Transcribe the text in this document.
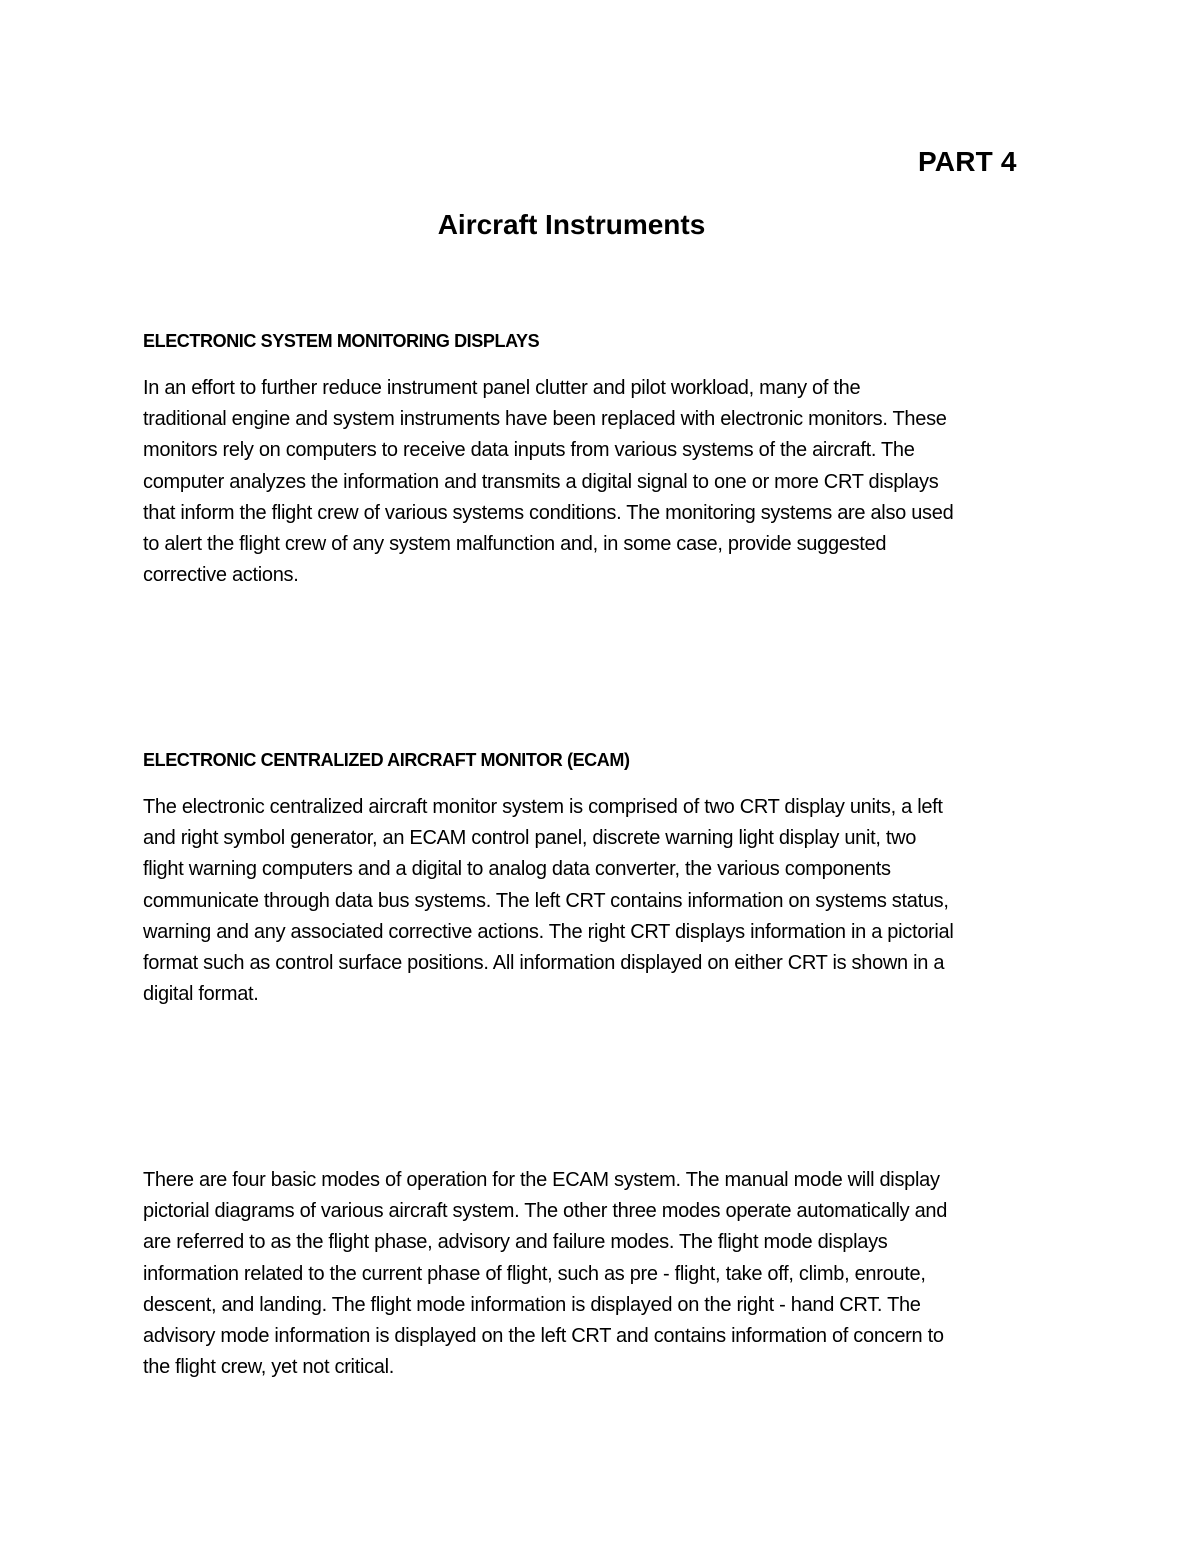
PART 4
Aircraft Instruments
ELECTRONIC SYSTEM MONITORING DISPLAYS
In an effort to further reduce instrument panel clutter and pilot workload, many of the
traditional engine and system instruments have been replaced with electronic monitors. These
monitors rely on computers to receive data inputs from various systems of the aircraft. The
computer analyzes the information and transmits a digital signal to one or more CRT displays
that inform the flight crew of various systems conditions. The monitoring systems are also used
to alert the flight crew of any system malfunction and, in some case, provide suggested
corrective actions.
ELECTRONIC CENTRALIZED AIRCRAFT MONITOR (ECAM)
The electronic centralized aircraft monitor system is comprised of two CRT display units, a left
and right symbol generator, an ECAM control panel, discrete warning light display unit, two
flight warning computers and a digital to analog data converter, the various components
communicate through data bus systems. The left CRT contains information on systems status,
warning and any associated corrective actions. The right CRT displays information in a pictorial
format such as control surface positions. All information displayed on either CRT is shown in a
digital format.
There are four basic modes of operation for the ECAM system. The manual mode will display
pictorial diagrams of various aircraft system. The other three modes operate automatically and
are referred to as the flight phase, advisory and failure modes. The flight mode displays
information related to the current phase of flight, such as pre - flight, take off, climb, enroute,
descent, and landing. The flight mode information is displayed on the right - hand CRT. The
advisory mode information is displayed on the left CRT and contains information of concern to
the flight crew, yet not critical.
